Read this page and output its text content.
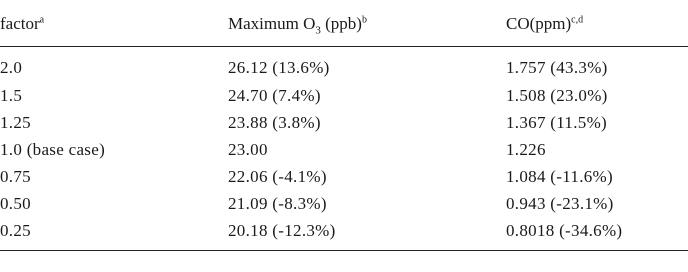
factor$^a$	Maximum $O_3$ (ppb)$^b$	CO(ppm)$^{c,d}$
2.0	26.12 (13.6%)	1.757 (43.3%)
1.5	24.70 (7.4%)	1.508 (23.0%)
1.25	23.88 (3.8%)	1.367 (11.5%)
1.0 (base case)	23.00	1.226
0.75	22.06 (-4.1%)	1.084 (-11.6%)
0.50	21.09 (-8.3%)	0.943 (-23.1%)
0.25	20.18 (-12.3%)	0.8018 (-34.6%)
